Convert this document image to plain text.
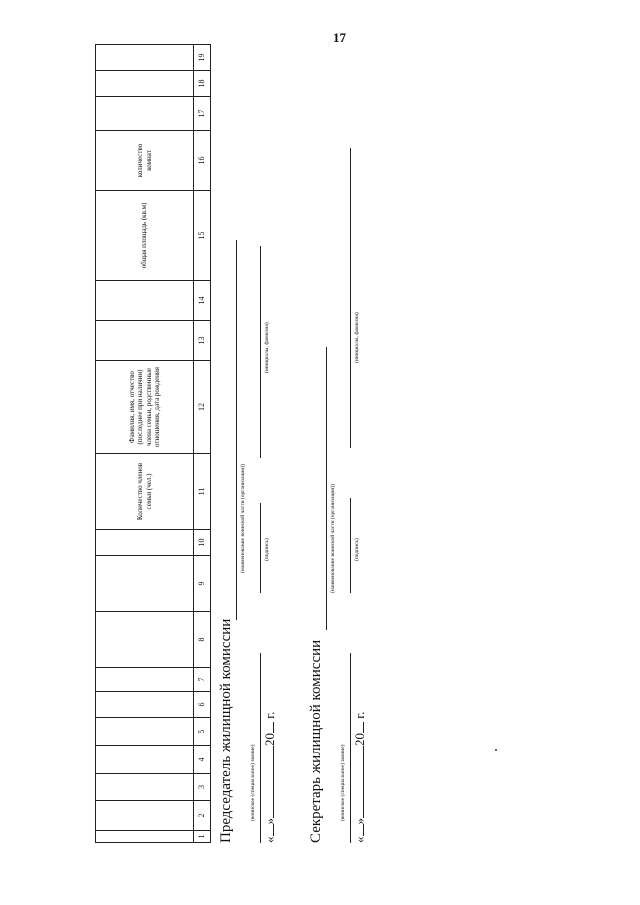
17

										Количество членов семьи (чел.)	Фамилия, имя, отчество (последнее при наличии) члена семьи, родственные отношения, дата рождения			общая площадь (кв.м)	количество комнат			

1	2	3	4	5	6	7	8	9	10	11	12	13	14	15	16	17	18	19
Председатель жилищной комиссии
(наименование воинской части (организации))
«»20 г.
(воинское (специальное) звание)
(подпись)
(инициалы, фамилия)
Секретарь жилищной комиссии
(наименование воинской части (организации))
«»20 г.
(воинское (специальное) звание)
(подпись)
(инициалы, фамилия)
